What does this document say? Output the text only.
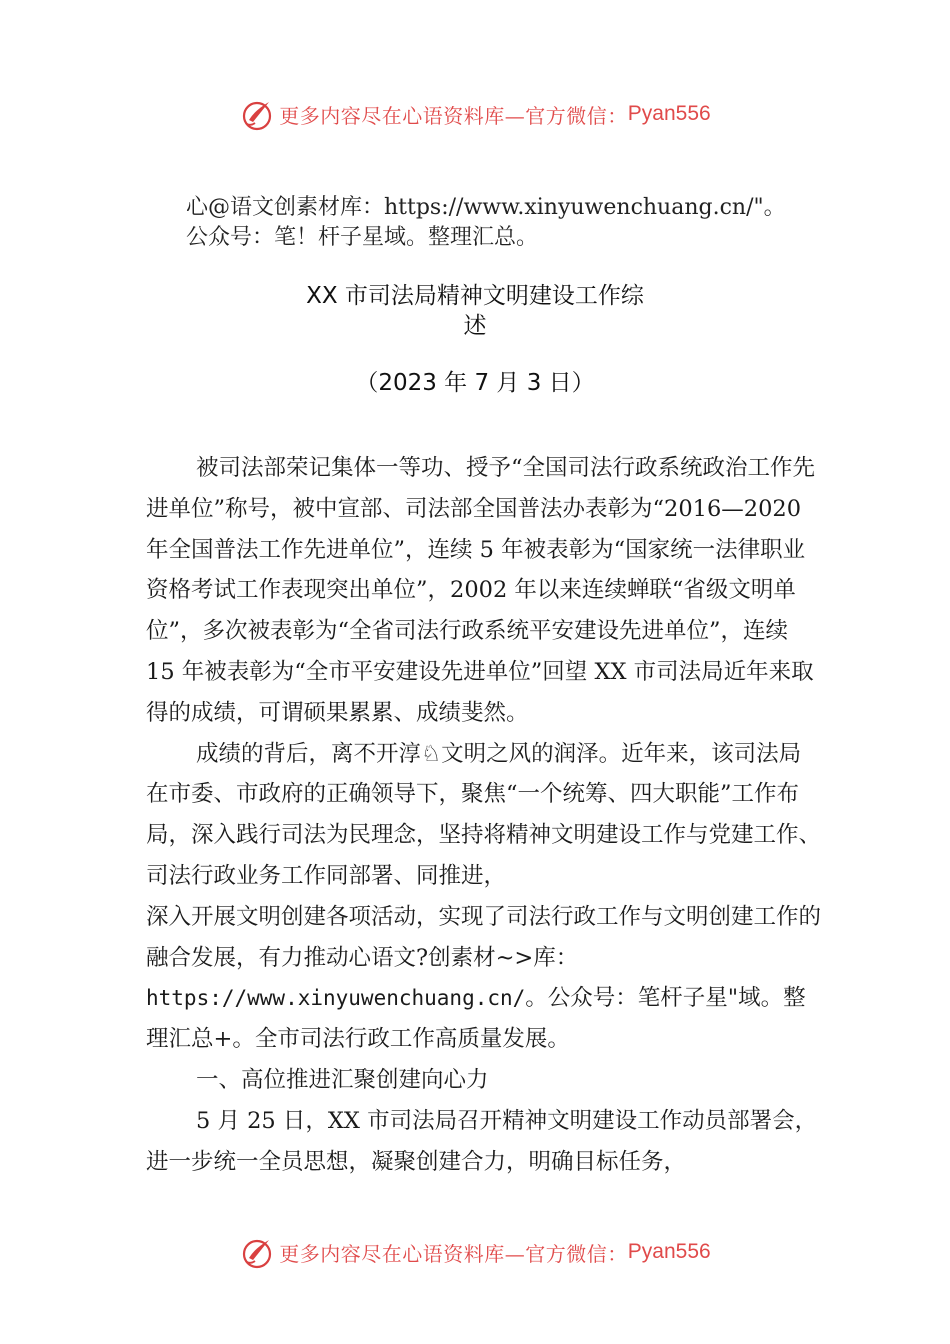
更多内容尽在心语资料库—官方微信： Pyan556
心@语文创素材库：https://www.xinyuwenchuang.cn/"。
公众号：笔！杆子星域。整理汇总。
XX 市司法局精神文明建设工作综
述
（2023 年 7 月 3 日）

被司法部荣记集体一等功、授予“全国司法行政系统政治工作先进单位”称号，被中宣部、司法部全国普法办表彰为“2016—2020 年全国普法工作先进单位”，连续 5 年被表彰为“国家统一法律职业资格考试工作表现突出单位”，2002 年以来连续蝉联“省级文明单位”，多次被表彰为“全省司法行政系统平安建设先进单位”，连续 15 年被表彰为“全市平安建设先进单位”回望 XX 市司法局近年来取得的成绩，可谓硕果累累、成绩斐然。

成绩的背后，离不开淳♘文明之风的润泽。近年来，该司法局在市委、市政府的正确领导下，聚焦“一个统筹、四大职能”工作布局，深入践行司法为民理念，坚持将精神文明建设工作与党建工作、司法行政业务工作同部署、同推进，
深入开展文明创建各项活动，实现了司法行政工作与文明创建工作的融合发展，有力推动心语文?创素材~>库：
https://www.xinyuwenchuang.cn/。公众号：笔杆子星"域。整理汇总+。全市司法行政工作高质量发展。

一、高位推进汇聚创建向心力

5 月 25 日，XX 市司法局召开精神文明建设工作动员部署会，进一步统一全员思想，凝聚创建合力，明确目标任务，

更多内容尽在心语资料库—官方微信： Pyan556
